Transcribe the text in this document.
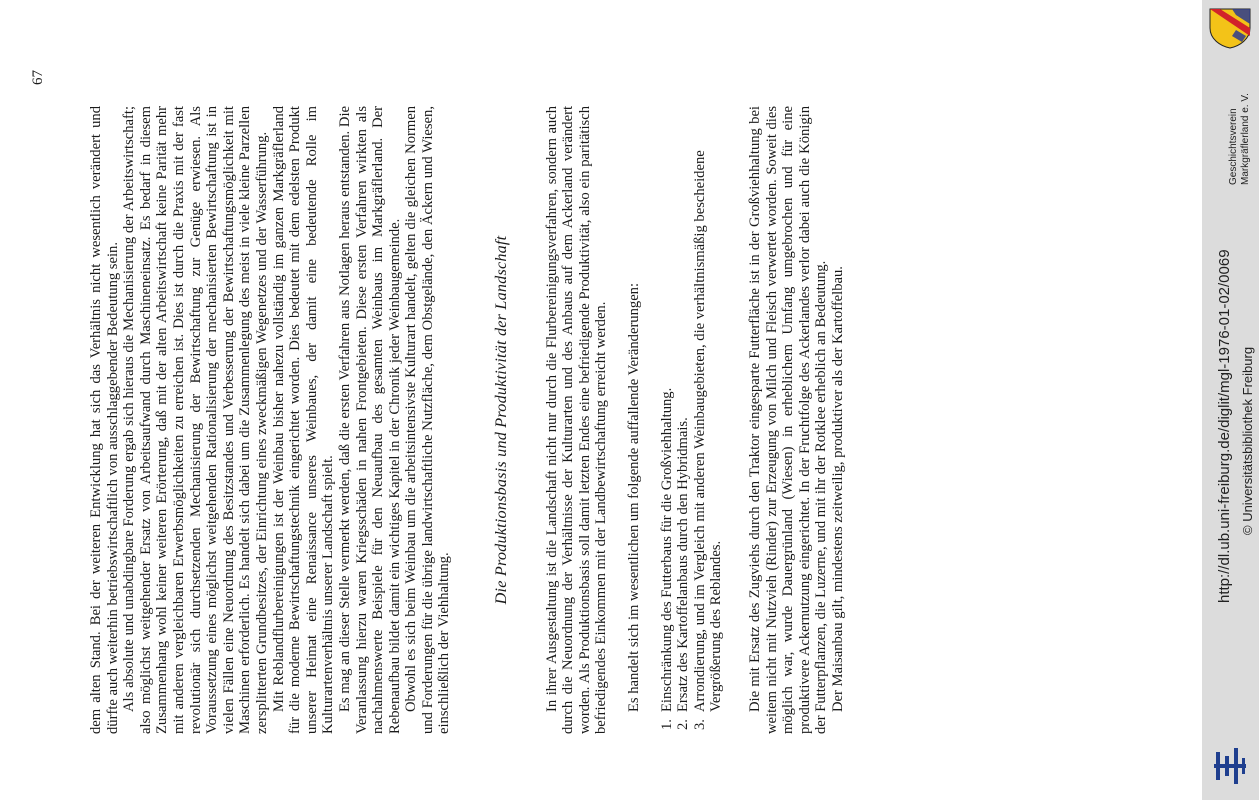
67

dem alten Stand. Bei der weiteren Entwicklung hat sich das Verhältnis nicht wesentlich verändert und dürfte auch weiterhin betriebswirtschaftlich von ausschlaggebender Bedeutung sein. Als absolute und unabdingbare Forderung ergab sich hieraus die Mechanisierung der Arbeitswirtschaft; also möglichst weitgehender Ersatz von Arbeitsaufwand durch Maschineneinsatz. Es bedarf in diesem Zusammenhang wohl keiner weiteren Erörterung, daß mit der alten Arbeitswirtschaft keine Parität mehr mit anderen vergleichbaren Erwerbsmöglichkeiten zu erreichen ist. Dies ist durch die Praxis mit der fast revolutionär sich durchsetzenden Mechanisierung der Bewirtschaftung zur Genüge erwiesen. Als Voraussetzung eines möglichst weitgehenden Rationalisierung der mechanisierten Bewirtschaftung ist in vielen Fällen eine Neuordnung des Besitzstandes und Verbesserung der Bewirtschaftungsmöglichkeit mit Maschinen erforderlich. Es handelt sich dabei um die Zusammenlegung des meist in viele kleine Parzellen zersplitterten Grundbesitzes, der Einrichtung eines zweckmäßigen Wegenetzes und der Wasserführung. Mit Reblandflurbereinigungen ist der Weinbau bisher nahezu vollständig im ganzen Markgräflerland für die moderne Bewirtschaftungstechnik eingerichtet worden. Dies bedeutet mit dem edelsten Produkt unserer Heimat eine Renaissance unseres Weinbaues, der damit eine bedeutende Rolle im Kulturartenverhältnis unserer Landschaft spielt. Es mag an dieser Stelle vermerkt werden, daß die ersten Verfahren aus Notlagen heraus entstanden. Die Veranlassung hierzu waren Kriegsschäden in nahen Frontgebieten. Diese ersten Verfahren wirkten als nachahmenswerte Beispiele für den Neuaufbau des gesamten Weinbaus im Markgräflerland. Der Rebenaufbau bildet damit ein wichtiges Kapitel in der Chronik jeder Weinbaugemeinde. Obwohl es sich beim Weinbau um die arbeitsintensivste Kulturart handelt, gelten die gleichen Normen und Forderungen für die übrige landwirtschaftliche Nutzfläche, dem Obstgelände, den Äckern und Wiesen, einschließlich der Viehhaltung.

Die Produktionsbasis und Produktivität der Landschaft In ihrer Ausgestaltung ist die Landschaft nicht nur durch die Flurbereinigungsverfahren, sondern auch durch die Neuordnung der Verhältnisse der Kulturarten und des Anbaus auf dem Ackerland verändert worden. Als Produktionsbasis soll damit letzten Endes eine befriedigende Produktivität, also ein paritätisch befriedigendes Einkommen mit der Landbewirtschaftung erreicht werden. Es handelt sich im wesentlichen um folgende auffallende Veränderungen:

1.
Einschränkung des Futterbaus für die Großviehhaltung.
2.
Ersatz des Kartoffelanbaus durch den Hybridmais.
3.
Arrondierung, und im Vergleich mit anderen Weinbaugebieten, die verhältnismäßig bescheidene Vergrößerung des Reblandes. Die mit Ersatz des Zugviehs durch den Traktor eingesparte Futterfläche ist in der Großviehhaltung bei weitem nicht mit Nutzvieh (Rinder) zur Erzeugung von Milch und Fleisch verwertet worden. Soweit dies möglich war, wurde Dauergrünland (Wiesen) in erheblichem Umfang umgebrochen und für eine produktivere Ackernutzung eingerichtet. In der Fruchtfolge des Ackerlandes verlor dabei auch die Königin der Futterpflanzen, die Luzerne, und mit ihr der Rotklee erheblich an Bedeutung. Der Maisanbau gilt, mindestens zeitweilig, produktiver als der Kartoffelbau.

Geschichtsverein Markgräflerland e. V.
© Universitätsbibliothek Freiburg
http://dl.ub.uni-freiburg.de/diglit/mgl-1976-01-02/0069
